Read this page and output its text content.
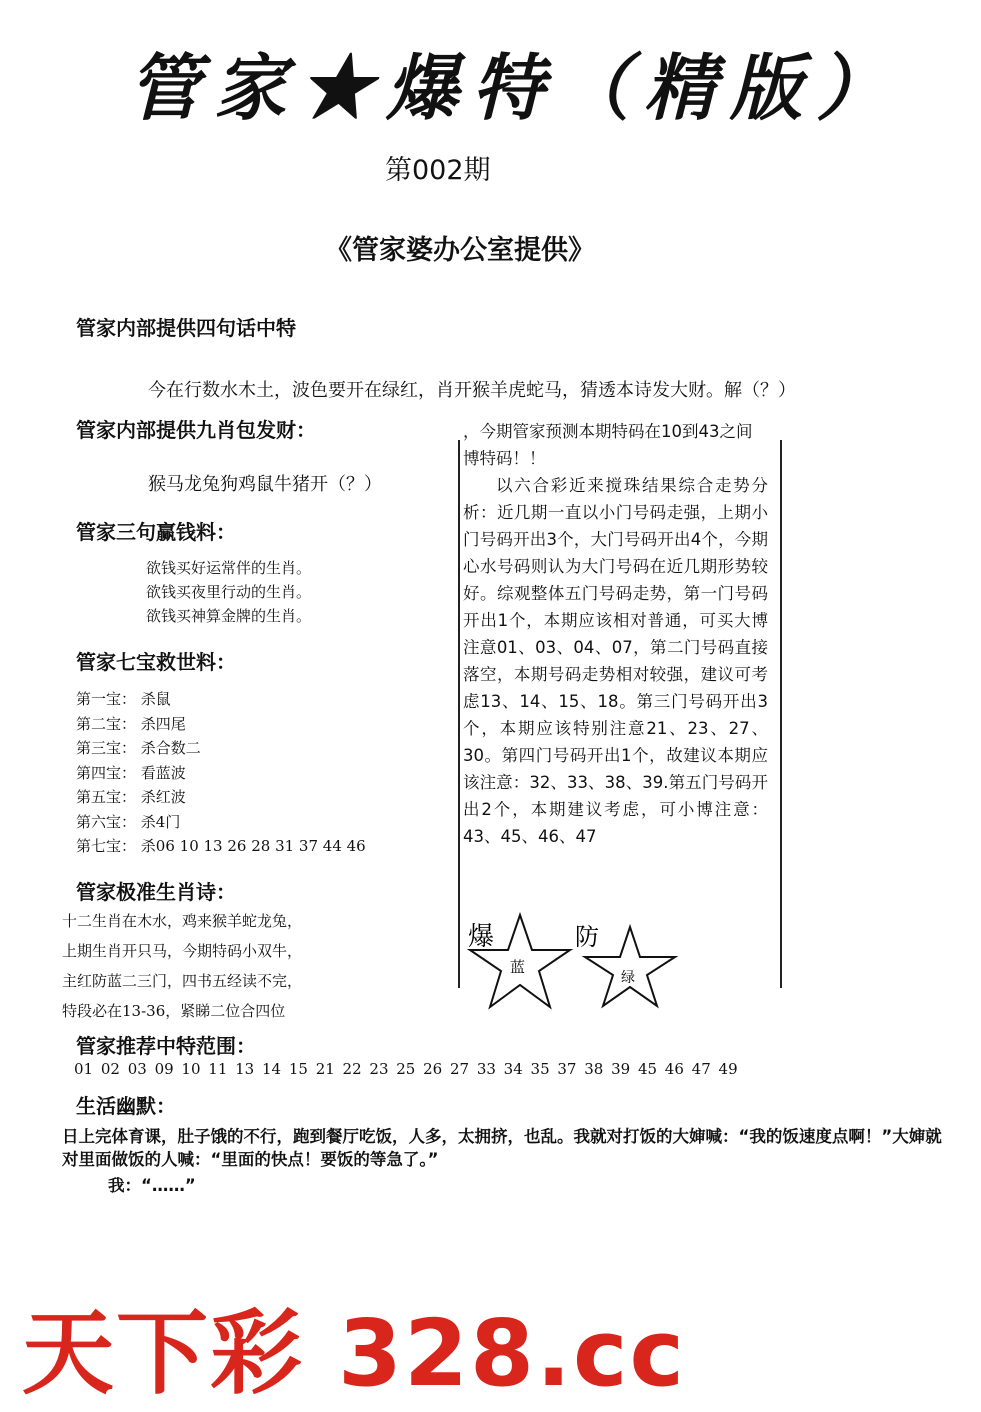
管家★爆特（精版）
第002期
《管家婆办公室提供》
管家内部提供四句话中特
今在行数水木土，波色要开在绿红，肖开猴羊虎蛇马，猜透本诗发大财。解（？）
管家内部提供九肖包发财：
猴马龙兔狗鸡鼠牛猪开（？）
管家三句赢钱料：
欲钱买好运常伴的生肖。
欲钱买夜里行动的生肖。
欲钱买神算金牌的生肖。
管家七宝救世料：
第一宝： 杀鼠
第二宝： 杀四尾
第三宝： 杀合数二
第四宝： 看蓝波
第五宝： 杀红波
第六宝： 杀4门
第七宝： 杀06 10 13 26 28 31 37 44 46
管家极准生肖诗：
十二生肖在木水，鸡来猴羊蛇龙兔，
上期生肖开只马，今期特码小双牛，
主红防蓝二三门，四书五经读不完，
特段必在13-36，紧睇二位合四位

，今期管家预测本期特码在10到43之间博特码！！

以六合彩近来搅珠结果综合走势分析：近几期一直以小门号码走强，上期小门号码开出3个，大门号码开出4个，今期心水号码则认为大门号码在近几期形势较好。综观整体五门号码走势，第一门号码开出1个，本期应该相对普通，可买大博注意01、03、04、07，第二门号码直接落空，本期号码走势相对较强，建议可考虑13、14、15、18。第三门号码开出3个，本期应该特别注意21、23、27、30。第四门号码开出1个，故建议本期应该注意：32、33、38、39.第五门号码开出2个，本期建议考虑，可小博注意：43、45、46、47

爆
蓝
防
绿
管家推荐中特范围：
01 02 03 09 10 11 13 14 15 21 22 23 25 26 27 33 34 35 37 38 39 45 46 47 49
生活幽默：
日上完体育课，肚子饿的不行，跑到餐厅吃饭，人多，太拥挤，也乱。我就对打饭的大婶喊：“我的饭速度点啊！”大婶就对里面做饭的人喊：“里面的快点！要饭的等急了。”
我：“……”
天下彩 328.cc
